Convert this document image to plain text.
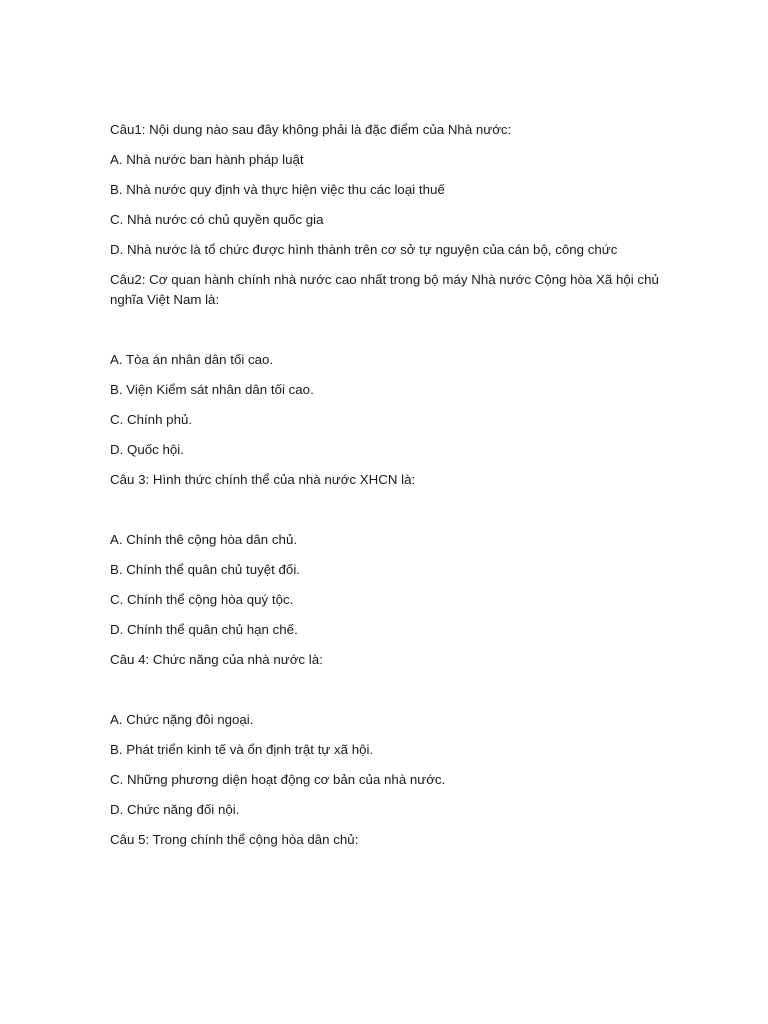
Câu1: Nội dung nào sau đây không phải là đặc điểm của Nhà nước:
A. Nhà nước ban hành pháp luật
B. Nhà nước quy định và thực hiện việc thu các loại thuế
C. Nhà nước có chủ quyền quốc gia
D. Nhà nước là tổ chức được hình thành trên cơ sở tự nguyện của cán bộ, công chức
Câu2: Cơ quan hành chính nhà nước cao nhất trong bộ máy Nhà nước Cộng hòa Xã hội chủ nghĩa Việt Nam là:
A. Tòa án nhân dân tối cao.
B. Viện Kiểm sát nhân dân tối cao.
C. Chính phủ.
D. Quốc hội.
Câu 3: Hình thức chính thể của nhà nước XHCN là:
A. Chính thê cộng hòa dân chủ.
B. Chính thể quân chủ tuyệt đối.
C. Chính thể cộng hòa quý tộc.
D. Chính thể quân chủ hạn chế.
Câu 4: Chức năng của nhà nước là:
A. Chức nặng đôi ngoại.
B. Phát triển kinh tế và ổn định trật tự xã hội.
C. Những phương diện hoạt động cơ bản của nhà nước.
D. Chức năng đối nội.
Câu 5: Trong chính thể cộng hòa dân chủ:
